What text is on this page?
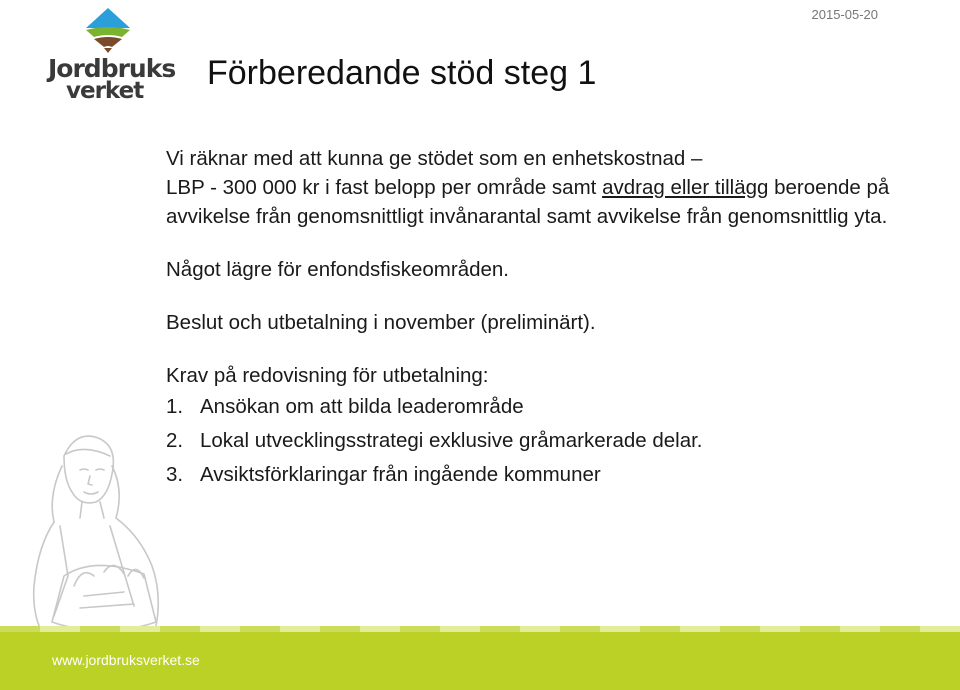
Jordbruks
verket
2015-05-20
Förberedande stöd steg 1

Vi räknar med att kunna ge stödet som en enhetskostnad –

LBP - 300 000 kr i fast belopp per område samt avdrag eller tillägg beroende på avvikelse från genomsnittligt invånarantal samt avvikelse från genomsnittlig yta.

Något lägre för enfondsfiskeområden.

Beslut och utbetalning i november (preliminärt).

Krav på redovisning för utbetalning:

1. Ansökan om att bilda leaderområde
2. Lokal utvecklingsstrategi exklusive gråmarkerade delar.
3. Avsiktsförklaringar från ingående kommuner
www.jordbruksverket.se
